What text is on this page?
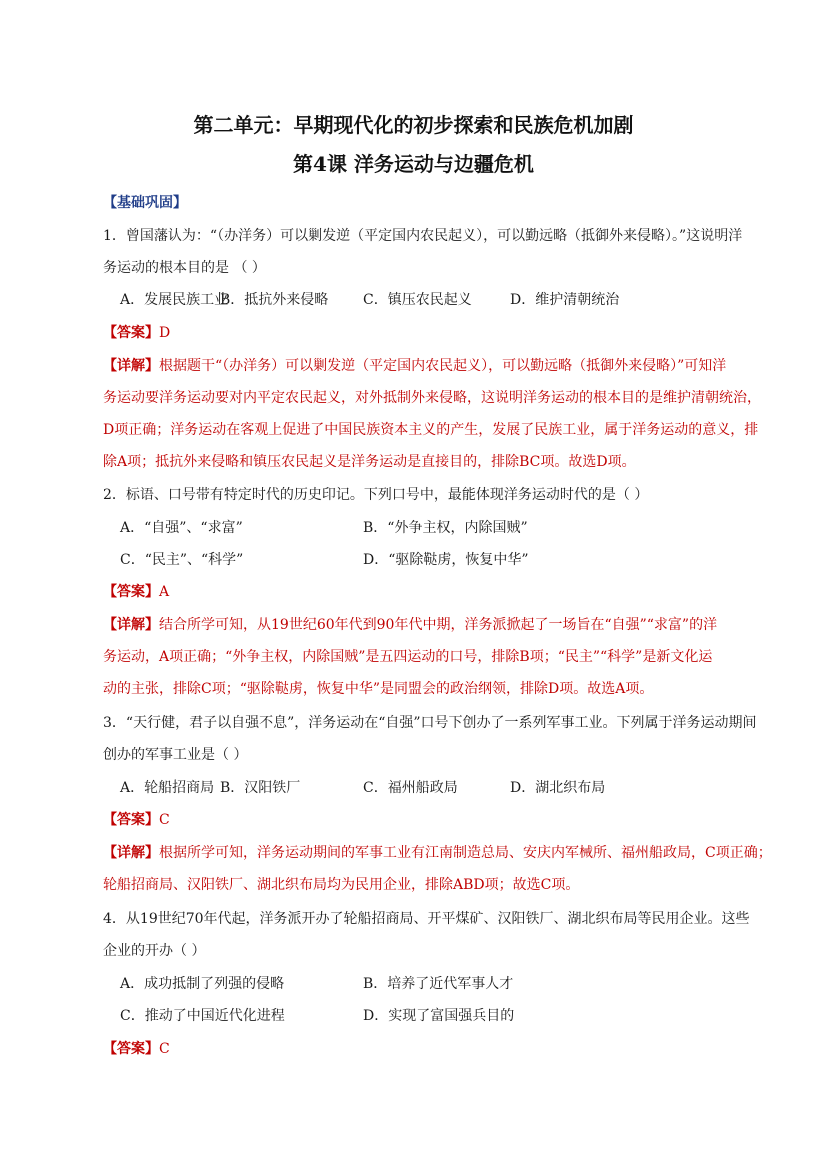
第二单元：早期现代化的初步探索和民族危机加剧
第4课 洋务运动与边疆危机
【基础巩固】
1．曾国藩认为：“（办洋务）可以剿发逆（平定国内农民起义），可以勤远略（抵御外来侵略）。”这说明洋
务运动的根本目的是 （ ）
A．发展民族工业
B．抵抗外来侵略 C．镇压农民起义	D．维护清朝统治
【答案】D
【详解】根据题干“（办洋务）可以剿发逆（平定国内农民起义），可以勤远略（抵御外来侵略）”可知洋
务运动要洋务运动要对内平定农民起义，对外抵制外来侵略，这说明洋务运动的根本目的是维护清朝统治，
D项正确；洋务运动在客观上促进了中国民族资本主义的产生，发展了民族工业，属于洋务运动的意义，排
除A项；抵抗外来侵略和镇压农民起义是洋务运动是直接目的，排除BC项。故选D项。
2．标语、口号带有特定时代的历史印记。下列口号中，最能体现洋务运动时代的是（ ）
A．“自强”、“求富”	B．“外争主权，内除国贼”
C．“民主”、“科学”	D．“驱除鞑虏，恢复中华”
【答案】A
【详解】结合所学可知，从19世纪60年代到90年代中期，洋务派掀起了一场旨在“自强”“求富”的洋
务运动，A项正确；“外争主权，内除国贼”是五四运动的口号，排除B项；“民主”“科学”是新文化运
动的主张，排除C项；“驱除鞑虏，恢复中华”是同盟会的政治纲领，排除D项。故选A项。
3．“天行健，君子以自强不息”，洋务运动在“自强”口号下创办了一系列军事工业。下列属于洋务运动期间
创办的军事工业是（ ）
A．轮船招商局 B．汉阳铁厂	C．福州船政局	D．湖北织布局
【答案】C
【详解】根据所学可知，洋务运动期间的军事工业有江南制造总局、安庆内军械所、福州船政局，C项正确；
轮船招商局、汉阳铁厂、湖北织布局均为民用企业，排除ABD项；故选C项。
4．从19世纪70年代起，洋务派开办了轮船招商局、开平煤矿、汉阳铁厂、湖北织布局等民用企业。这些
企业的开办（ ）
A．成功抵制了列强的侵略	B．培养了近代军事人才
C．推动了中国近代化进程	D．实现了富国强兵目的
【答案】C
